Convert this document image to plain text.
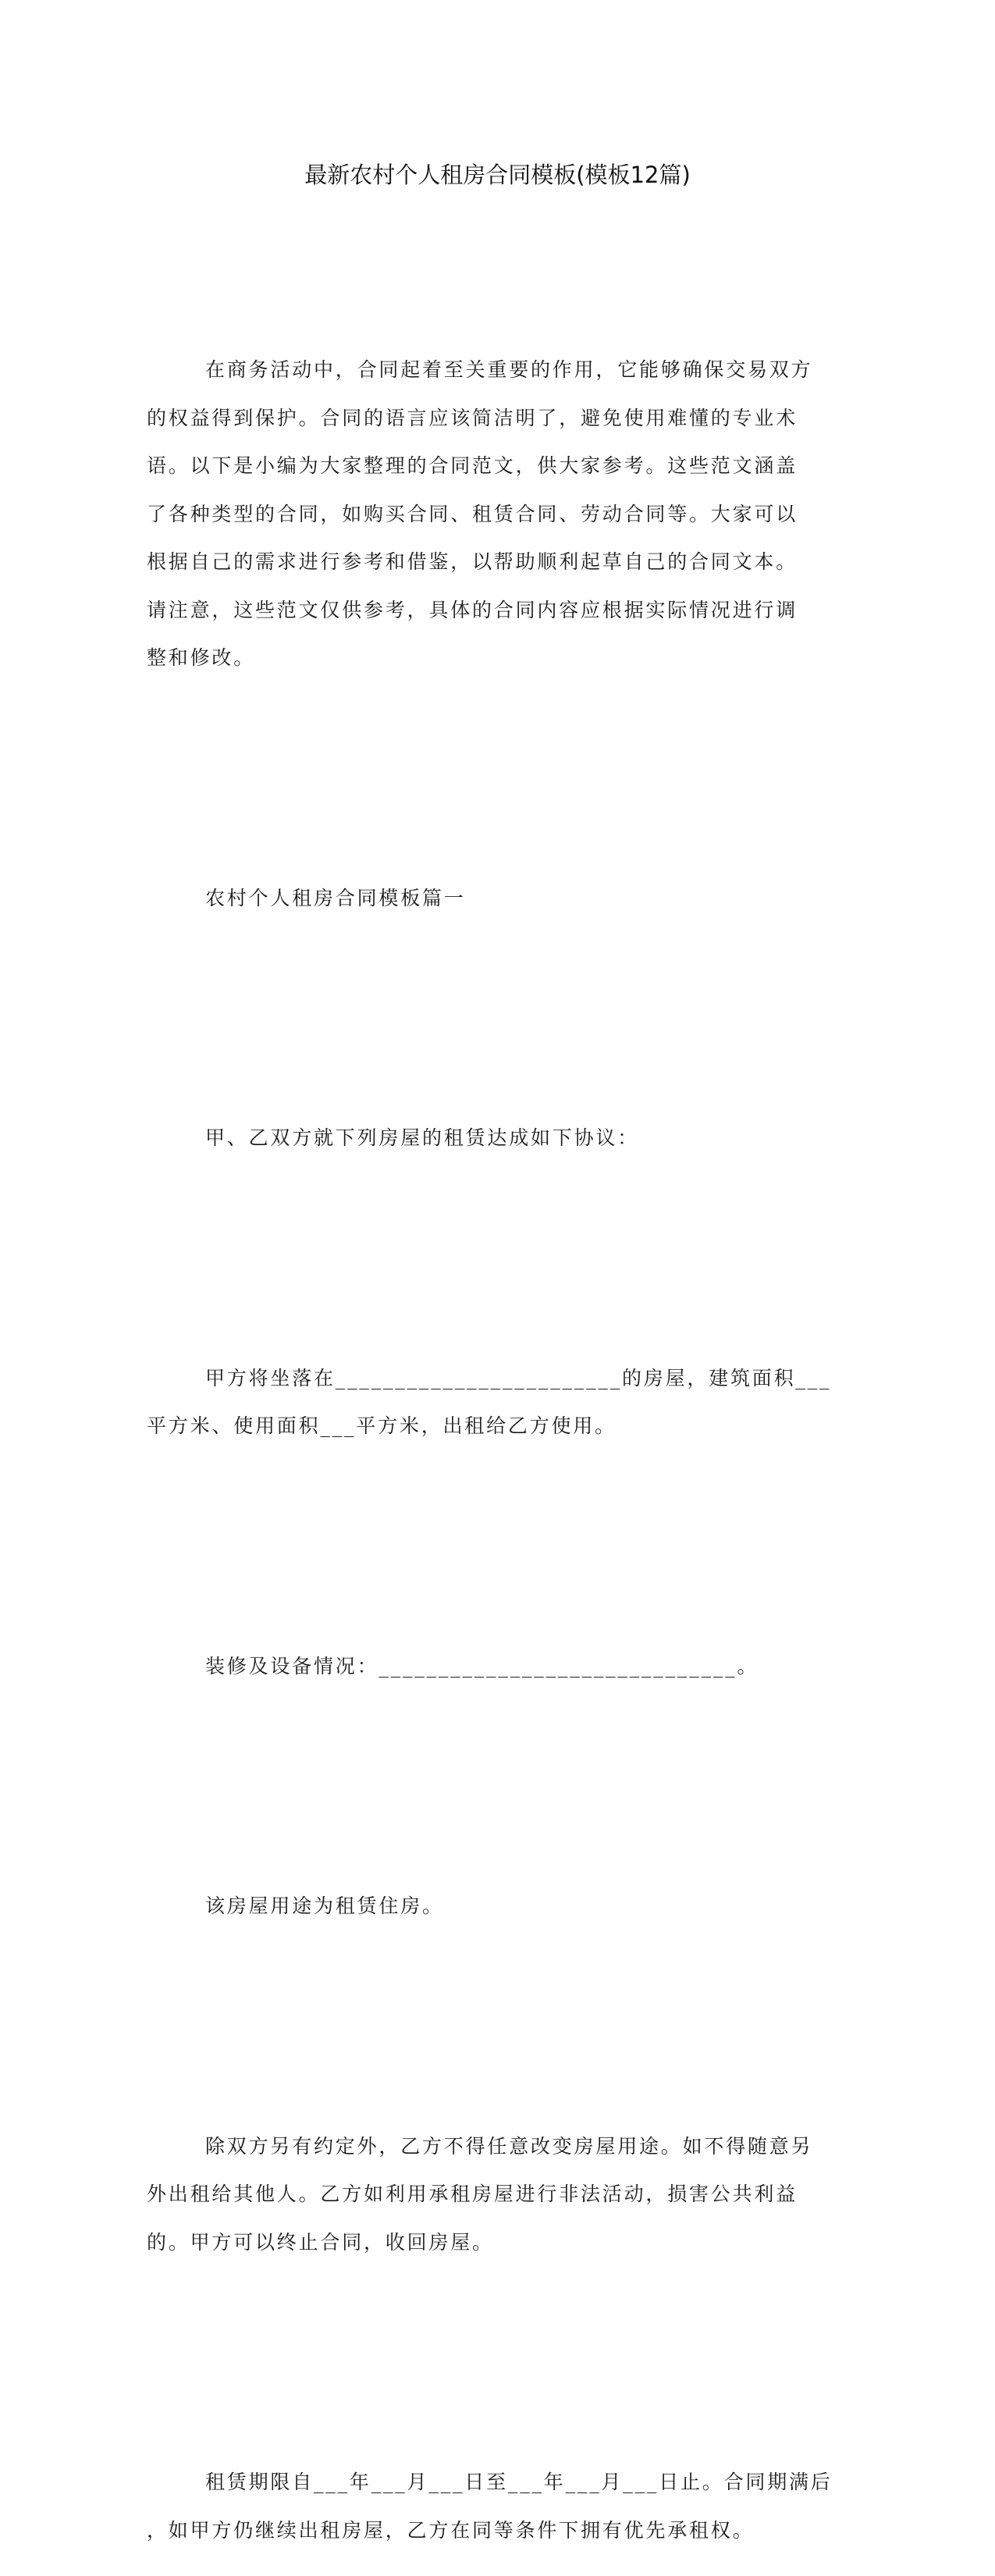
最新农村个人租房合同模板(模板12篇)

在商务活动中，合同起着至关重要的作用，它能够确保交易双方
的权益得到保护。合同的语言应该简洁明了，避免使用难懂的专业术
语。以下是小编为大家整理的合同范文，供大家参考。这些范文涵盖
了各种类型的合同，如购买合同、租赁合同、劳动合同等。大家可以
根据自己的需求进行参考和借鉴，以帮助顺利起草自己的合同文本。
请注意，这些范文仅供参考，具体的合同内容应根据实际情况进行调
整和修改。

农村个人租房合同模板篇一

甲、乙双方就下列房屋的租赁达成如下协议：

甲方将坐落在________________________的房屋，建筑面积___
平方米、使用面积___平方米，出租给乙方使用。

装修及设备情况：______________________________。

该房屋用途为租赁住房。

除双方另有约定外，乙方不得任意改变房屋用途。如不得随意另
外出租给其他人。乙方如利用承租房屋进行非法活动，损害公共利益
的。甲方可以终止合同，收回房屋。

租赁期限自___年___月___日至___年___月___日止。合同期满后
，如甲方仍继续出租房屋，乙方在同等条件下拥有优先承租权。
